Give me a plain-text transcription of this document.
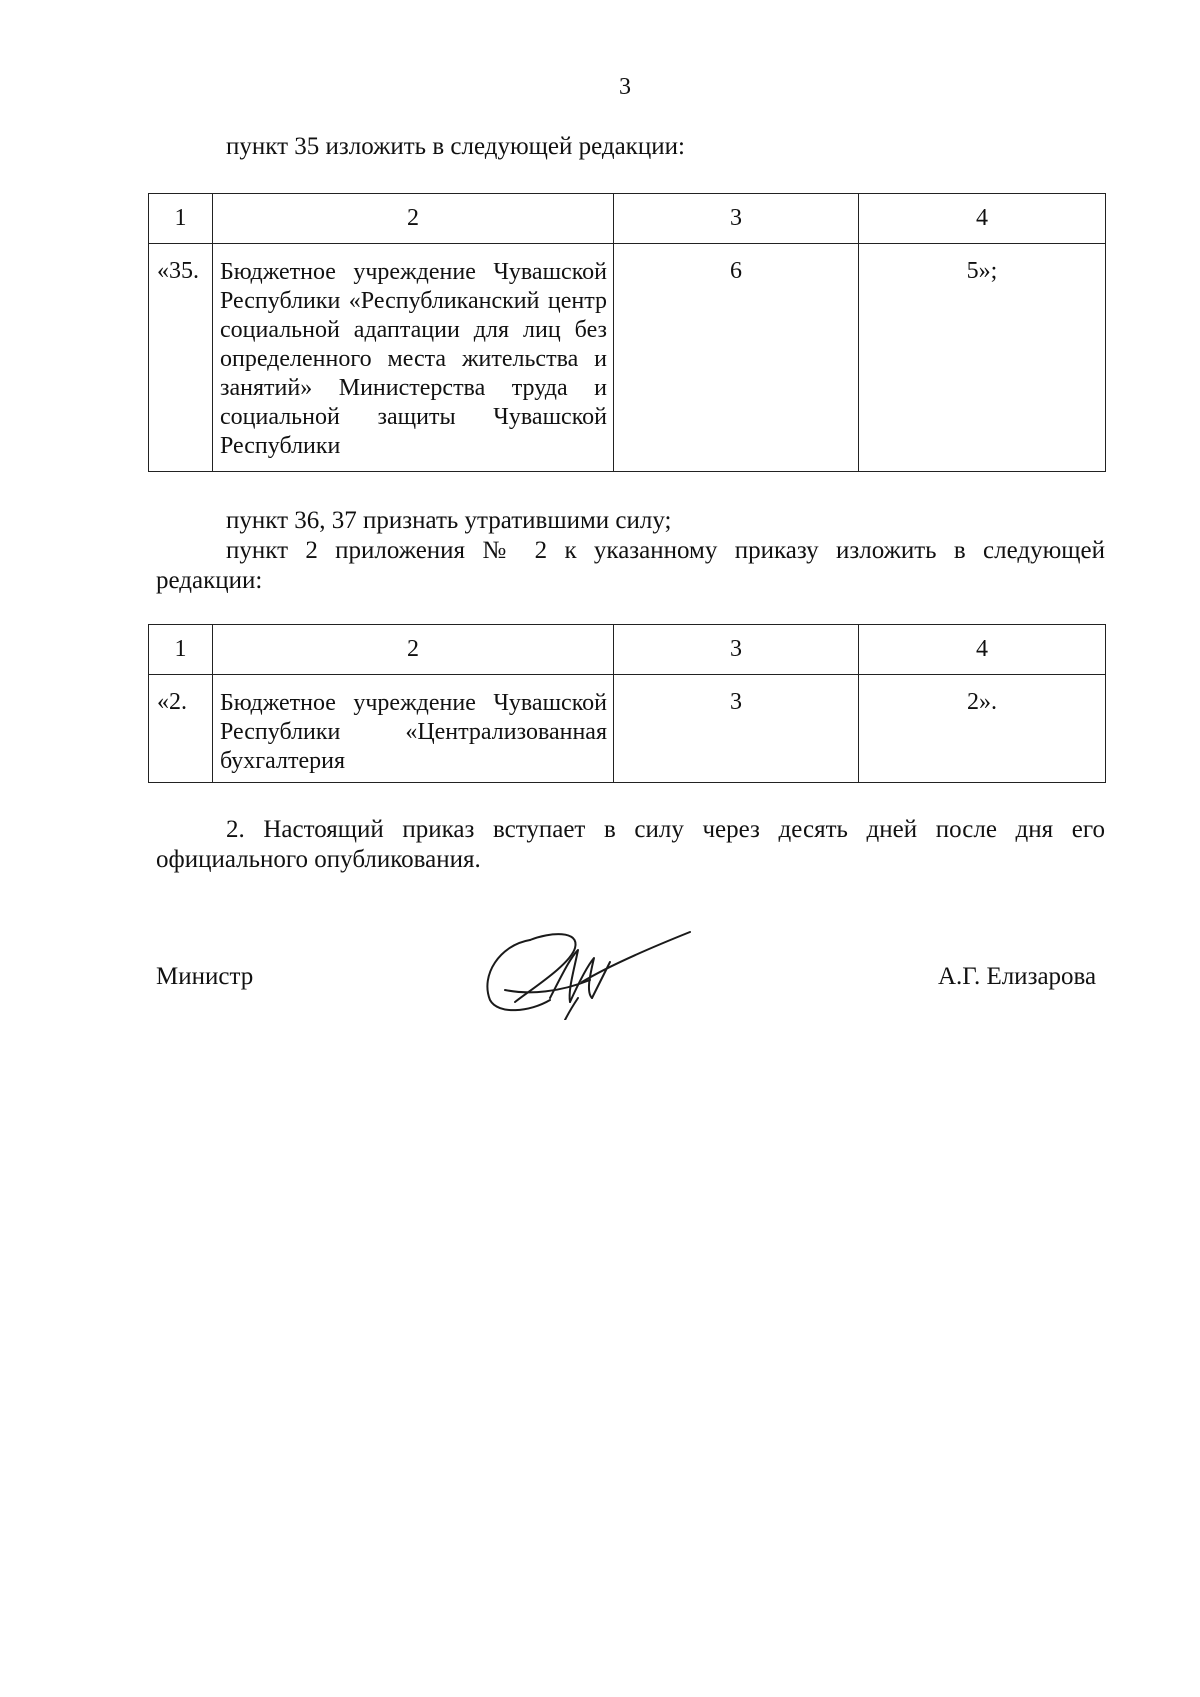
3
пункт 35 изложить в следующей редакции:
1	2	3	4
«35.	Бюджетное учреждение Чувашской Республики «Республиканский центр социальной адаптации для лиц без определенного места жительства и занятий» Министерства труда и социальной защиты Чувашской Республики	6	5»;
пункт 36, 37 признать утратившими силу;
пункт 2 приложения № 2 к указанному приказу изложить в следующей
редакции:
1	2	3	4
«2.	Бюджетное учреждение Чувашской Республики «Централизованная бухгалтерия	3	2».
2. Настоящий приказ вступает в силу через десять дней после дня его официального опубликования.
Министр	А.Г. Елизарова
